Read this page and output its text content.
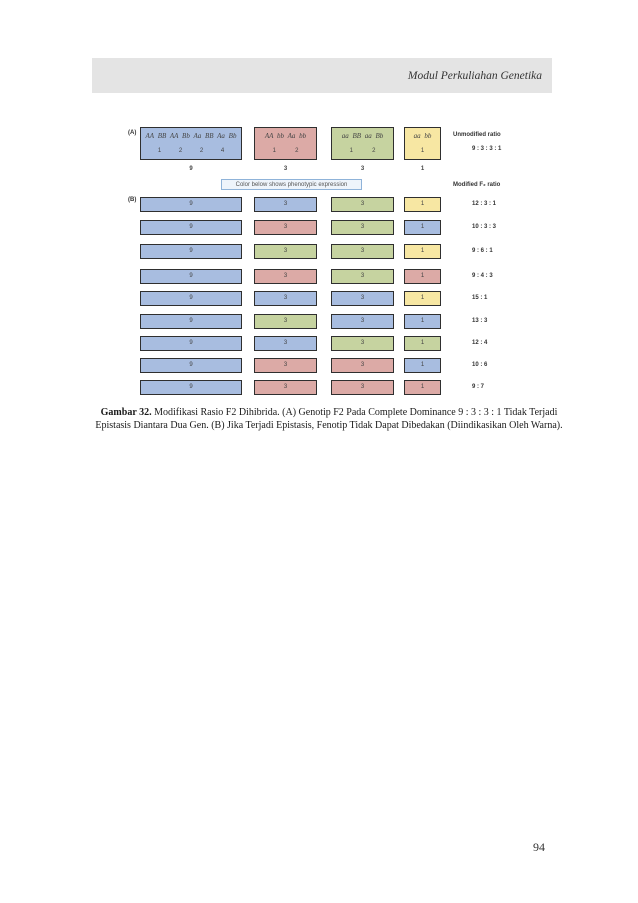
Modul Perkuliahan Genetika
(A)	Unmodified ratio
9 : 3 : 3 : 1
Color below shows phenotypic expression	Modified F₂ ratio
(B)
AA BB AA Bb Aa BB Aa Bb
1	2	2	4
9
AA bb Aa bb
1	2
3
aa BB aa Bb
1	2
3
aa bb
1
1
9	3	3	1	12 : 3 : 1
9	3	3	1	10 : 3 : 3
9	3	3	1	9 : 6 : 1
9	3	3	1	9 : 4 : 3
9	3	3	1	15 : 1
9	3	3	1	13 : 3
9	3	3	1	12 : 4
9	3	3	1	10 : 6
9	3	3	1	9 : 7
Gambar 32. Modifikasi Rasio F2 Dihibrida. (A) Genotip F2 Pada Complete Dominance 9 : 3 : 3 : 1 Tidak Terjadi Epistasis Diantara Dua Gen. (B) Jika Terjadi Epistasis, Fenotip Tidak Dapat Dibedakan (Diindikasikan Oleh Warna).
94
